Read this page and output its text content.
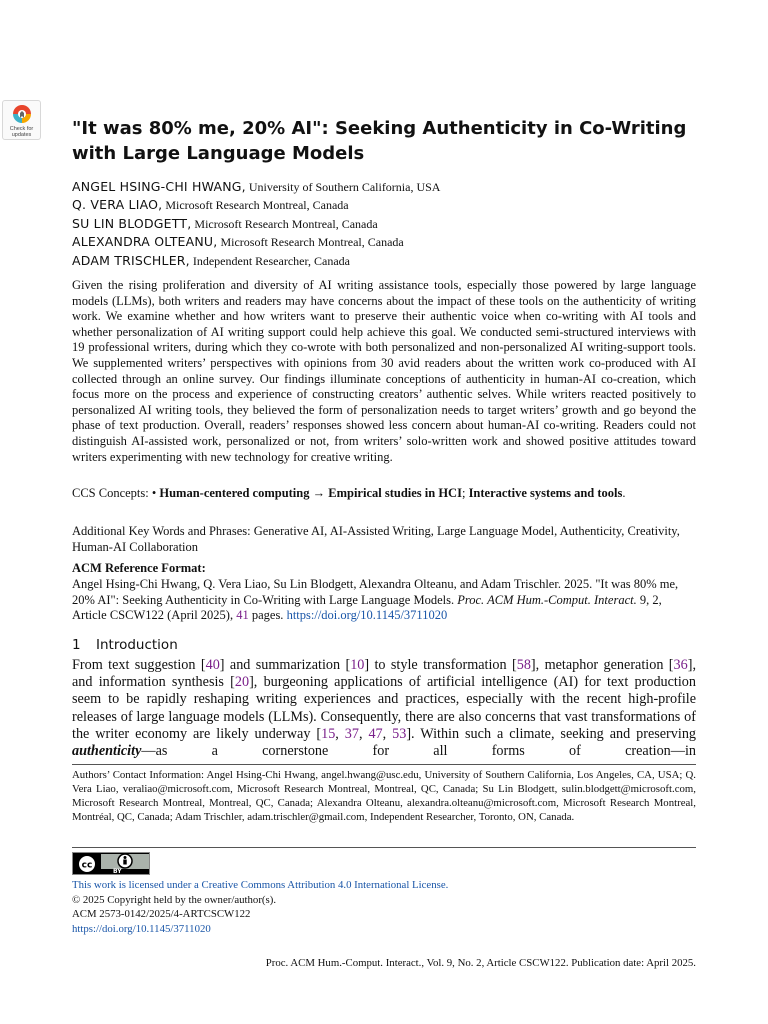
Check for updates	"It was 80% me, 20% AI": Seeking Authenticity in Co-Writing with Large Language Models
ANGEL HSING-CHI HWANG, University of Southern California, USA
Q. VERA LIAO, Microsoft Research Montreal, Canada
SU LIN BLODGETT, Microsoft Research Montreal, Canada
ALEXANDRA OLTEANU, Microsoft Research Montreal, Canada
ADAM TRISCHLER, Independent Researcher, Canada

Given the rising proliferation and diversity of AI writing assistance tools, especially those powered by large language models (LLMs), both writers and readers may have concerns about the impact of these tools on the authenticity of writing work. We examine whether and how writers want to preserve their authentic voice when co-writing with AI tools and whether personalization of AI writing support could help achieve this goal. We conducted semi-structured interviews with 19 professional writers, during which they co-wrote with both personalized and non-personalized AI writing-support tools. We supplemented writers’ perspectives with opinions from 30 avid readers about the written work co-produced with AI collected through an online survey. Our findings illuminate conceptions of authenticity in human-AI co-creation, which focus more on the process and experience of constructing creators’ authentic selves. While writers reacted positively to personalized AI writing tools, they believed the form of personalization needs to target writers’ growth and go beyond the phase of text production. Overall, readers’ responses showed less concern about human-AI co-writing. Readers could not distinguish AI-assisted work, personalized or not, from writers’ solo-written work and showed positive attitudes toward writers experimenting with new technology for creative writing.

CCS Concepts: • Human-centered computing → Empirical studies in HCI; Interactive systems and tools.

Additional Key Words and Phrases: Generative AI, AI-Assisted Writing, Large Language Model, Authenticity, Creativity, Human-AI Collaboration

ACM Reference Format:

Angel Hsing-Chi Hwang, Q. Vera Liao, Su Lin Blodgett, Alexandra Olteanu, and Adam Trischler. 2025. "It was 80% me, 20% AI": Seeking Authenticity in Co-Writing with Large Language Models. Proc. ACM Hum.-Comput. Interact. 9, 2, Article CSCW122 (April 2025), 41 pages. https://doi.org/10.1145/3711020

1 Introduction

From text suggestion [40] and summarization [10] to style transformation [58], metaphor generation [36], and information synthesis [20], burgeoning applications of artificial intelligence (AI) for text production seem to be rapidly reshaping writing experiences and practices, especially with the recent high-profile releases of large language models (LLMs). Consequently, there are also concerns that vast transformations of the writer economy are likely underway [15, 37, 47, 53]. Within such a climate, seeking and preserving authenticity—as a cornerstone for all forms of creation—in

Authors’ Contact Information: Angel Hsing-Chi Hwang, angel.hwang@usc.edu, University of Southern California, Los Angeles, CA, USA; Q. Vera Liao, veraliao@microsoft.com, Microsoft Research Montreal, Montreal, QC, Canada; Su Lin Blodgett, sulin.blodgett@microsoft.com, Microsoft Research Montreal, Montreal, QC, Canada; Alexandra Olteanu, alexandra.olteanu@microsoft.com, Microsoft Research Montreal, Montréal, QC, Canada; Adam Trischler, adam.trischler@gmail.com, Independent Researcher, Toronto, ON, Canada.

cc
BY
This work is licensed under a Creative Commons Attribution 4.0 International License.
© 2025 Copyright held by the owner/author(s).
ACM 2573-0142/2025/4-ARTCSCW122
https://doi.org/10.1145/3711020
Proc. ACM Hum.-Comput. Interact., Vol. 9, No. 2, Article CSCW122. Publication date: April 2025.
